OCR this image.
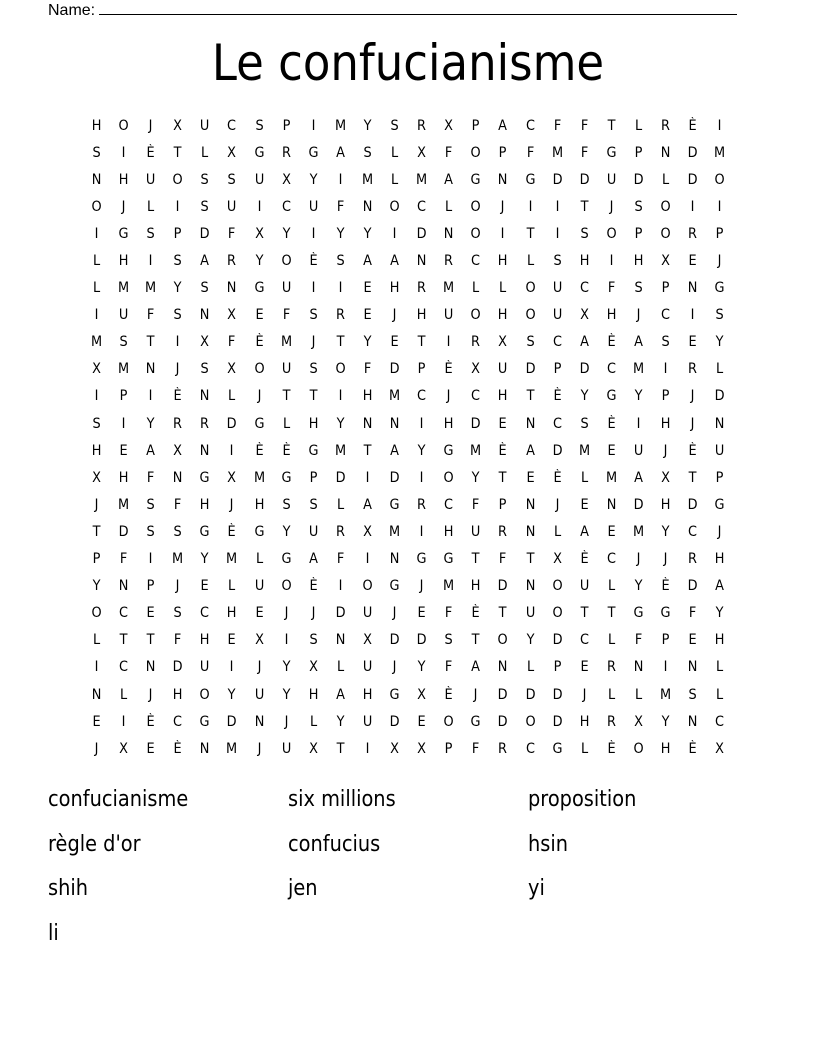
Name:
Le confucianisme
H	O	J	X	U	C	S	P	I	M	Y	S	R	X	P	A	C	F	F	T	L	R	È	I
S	I	È	T	L	X	G	R	G	A	S	L	X	F	O	P	F	M	F	G	P	N	D	M
N	H	U	O	S	S	U	X	Y	I	M	L	M	A	G	N	G	D	D	U	D	L	D	O
O	J	L	I	S	U	I	C	U	F	N	O	C	L	O	J	I	I	T	J	S	O	I	I
I	G	S	P	D	F	X	Y	I	Y	Y	I	D	N	O	I	T	I	S	O	P	O	R	P
L	H	I	S	A	R	Y	O	È	S	A	A	N	R	C	H	L	S	H	I	H	X	E	J
L	M	M	Y	S	N	G	U	I	I	E	H	R	M	L	L	O	U	C	F	S	P	N	G
I	U	F	S	N	X	E	F	S	R	E	J	H	U	O	H	O	U	X	H	J	C	I	S
M	S	T	I	X	F	È	M	J	T	Y	E	T	I	R	X	S	C	A	È	A	S	E	Y
X	M	N	J	S	X	O	U	S	O	F	D	P	È	X	U	D	P	D	C	M	I	R	L
I	P	I	È	N	L	J	T	T	I	H	M	C	J	C	H	T	È	Y	G	Y	P	J	D
S	I	Y	R	R	D	G	L	H	Y	N	N	I	H	D	E	N	C	S	È	I	H	J	N
H	E	A	X	N	I	È	È	G	M	T	A	Y	G	M	È	A	D	M	E	U	J	È	U
X	H	F	N	G	X	M	G	P	D	I	D	I	O	Y	T	E	È	L	M	A	X	T	P
J	M	S	F	H	J	H	S	S	L	A	G	R	C	F	P	N	J	E	N	D	H	D	G
T	D	S	S	G	È	G	Y	U	R	X	M	I	H	U	R	N	L	A	E	M	Y	C	J
P	F	I	M	Y	M	L	G	A	F	I	N	G	G	T	F	T	X	È	C	J	J	R	H
Y	N	P	J	E	L	U	O	È	I	O	G	J	M	H	D	N	O	U	L	Y	È	D	A
O	C	E	S	C	H	E	J	J	D	U	J	E	F	È	T	U	O	T	T	G	G	F	Y
L	T	T	F	H	E	X	I	S	N	X	D	D	S	T	O	Y	D	C	L	F	P	E	H
I	C	N	D	U	I	J	Y	X	L	U	J	Y	F	A	N	L	P	E	R	N	I	N	L
N	L	J	H	O	Y	U	Y	H	A	H	G	X	È	J	D	D	D	J	L	L	M	S	L
E	I	È	C	G	D	N	J	L	Y	U	D	E	O	G	D	O	D	H	R	X	Y	N	C
J	X	E	È	N	M	J	U	X	T	I	X	X	P	F	R	C	G	L	È	O	H	È	X
confucianisme	six millions	proposition
règle d'or	confucius	hsin
shih	jen	yi
li
